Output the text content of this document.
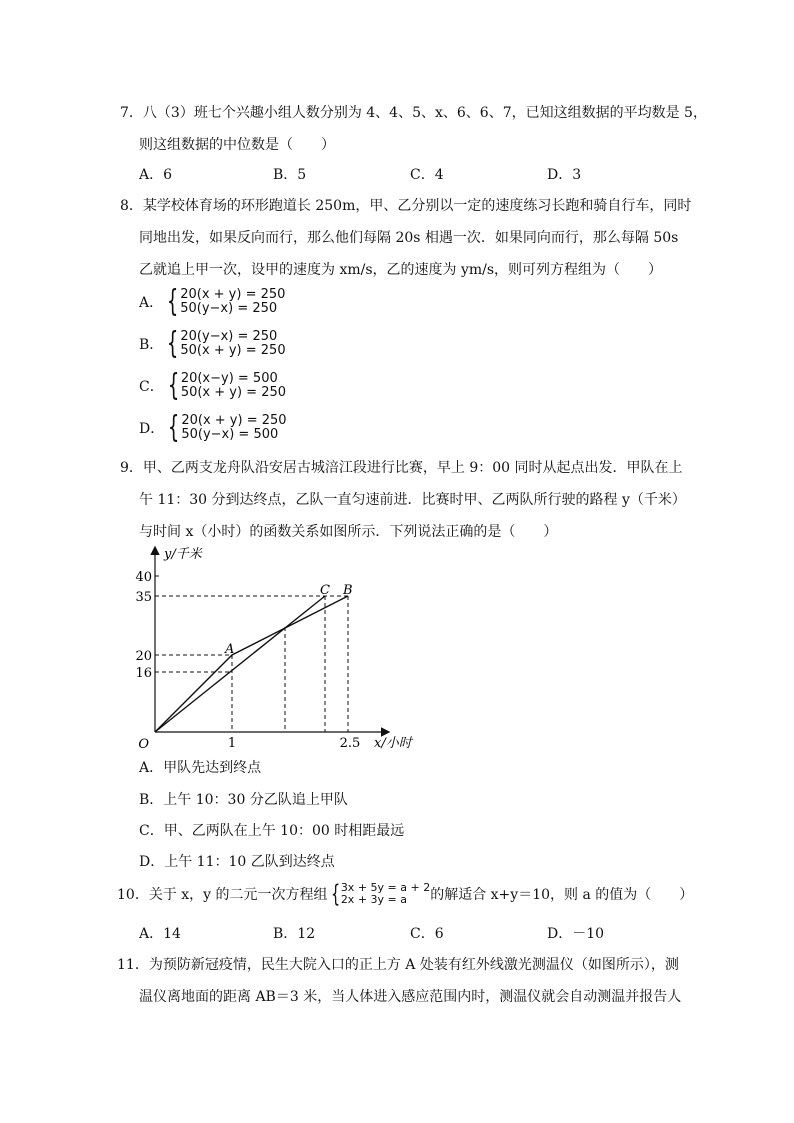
7．八（3）班七个兴趣小组人数分别为 4、4、5、x、6、6、7，已知这组数据的平均数是 5，
则这组数据的中位数是（　　）
A．6	B．5	C．4	D．3
8．某学校体育场的环形跑道长 250m，甲、乙分别以一定的速度练习长跑和骑自行车，同时
同地出发，如果反向而行，那么他们每隔 20s 相遇一次．如果同向而行，那么每隔 50s
乙就追上甲一次，设甲的速度为 xm/s，乙的速度为 ym/s，则可列方程组为（　　）
A． { 20(x + y) = 250
50(y−x) = 250
B． { 20(y−x) = 250
50(x + y) = 250
C． { 20(x−y) = 500
50(x + y) = 250
D． { 20(x + y) = 250
50(y−x) = 500
9．甲、乙两支龙舟队沿安居古城涪江段进行比赛，早上 9：00 同时从起点出发．甲队在上
午 11：30 分到达终点，乙队一直匀速前进．比赛时甲、乙两队所行驶的路程 y（千米）
与时间 x（小时）的函数关系如图所示．下列说法正确的是（　　）
y/千米
x/小时
O
40
35
20
16
1	2.5
A
C B
A．甲队先达到终点
B．上午 10：30 分乙队追上甲队
C．甲、乙两队在上午 10：00 时相距最远
D．上午 11：10 乙队到达终点
10．关于 x，y 的二元一次方程组 { 3x + 5y = a + 2
2x + 3y = a	的解适合 x+y＝10，则 a 的值为（　　）
A．14	B．12	C．6	D．－10
11．为预防新冠疫情，民生大院入口的正上方 A 处装有红外线激光测温仪（如图所示），测
温仪离地面的距离 AB＝3 米，当人体进入感应范围内时，测温仪就会自动测温并报告人
